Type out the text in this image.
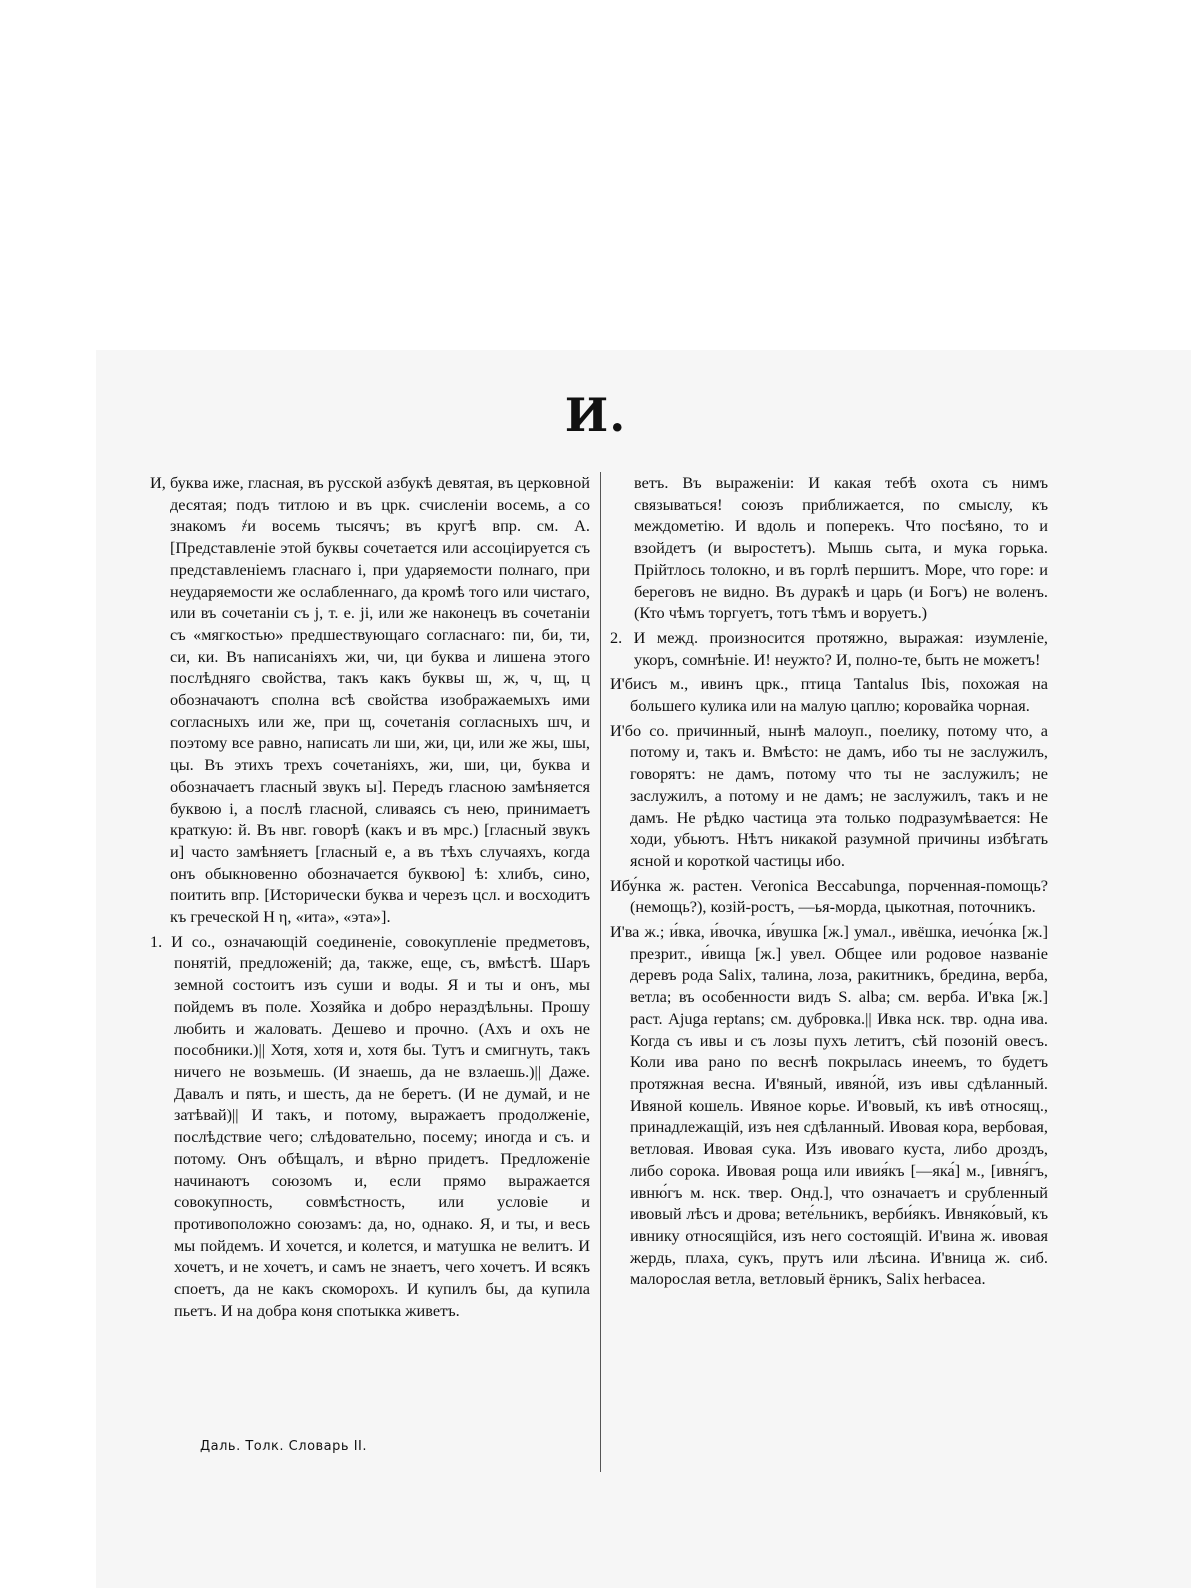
И.

И, буква иже, гласная, въ русской азбукѣ девятая, въ церковной десятая; подъ титлою и въ црк. счисленіи восемь, а со знакомъ ҂и восемь тысячъ; въ кругѣ впр. см. А. [Представленіе этой буквы сочетается или ассоціируется съ представленіемъ гласнаго і, при ударяемости полнаго, при неударяемости же ослабленнаго, да кромѣ того или чистаго, или въ сочетаніи съ j, т. е. ji, или же наконецъ въ сочетаніи съ «мягкостью» предшествующаго согласнаго: пи, би, ти, си, ки. Въ написаніяхъ жи, чи, ци буква и лишена этого послѣдняго свойства, такъ какъ буквы ш, ж, ч, щ, ц обозначаютъ сполна всѣ свойства изображаемыхъ ими согласныхъ или же, при щ, сочетанія согласныхъ шч, и поэтому все равно, написать ли ши, жи, ци, или же жы, шы, цы. Въ этихъ трехъ сочетаніяхъ, жи, ши, ци, буква и обозначаетъ гласный звукъ ы]. Передъ гласною замѣняется буквою і, а послѣ гласной, сливаясь съ нею, принимаетъ краткую: й. Въ нвг. говорѣ (какъ и въ мрс.) [гласный звукъ и] часто замѣняетъ [гласный е, а въ тѣхъ случаяхъ, когда онъ обыкновенно обозначается буквою] ѣ: хлибъ, сино, поитить впр. [Исторически буква и черезъ цсл. и восходитъ къ греческой Η η, «ита», «эта»].

1. И со., означающій соединеніе, совокупленіе предметовъ, понятій, предложеній; да, также, еще, съ, вмѣстѣ. Шаръ земной состоитъ изъ суши и воды. Я и ты и онъ, мы пойдемъ въ поле. Хозяйка и добро нераздѣльны. Прошу любить и жаловать. Дешево и прочно. (Ахъ и охъ не пособники.)|| Хотя, хотя и, хотя бы. Тутъ и смигнуть, такъ ничего не возьмешь. (И знаешь, да не взлаешь.)|| Даже. Давалъ и пять, и шесть, да не беретъ. (И не думай, и не затѣвай)|| И такъ, и потому, выражаетъ продолженіе, послѣдствие чего; слѣдовательно, посему; иногда и съ. и потому. Онъ обѣщалъ, и вѣрно придетъ. Предложеніе начинаютъ союзомъ и, если прямо выражается совокупность, совмѣстность, или условіе и противоположно союзамъ: да, но, однако. Я, и ты, и весь мы пойдемъ. И хочется, и колется, и матушка не велитъ. И хочетъ, и не хочетъ, и самъ не знаетъ, чего хочетъ. И всякъ споетъ, да не какъ скоморохъ. И купилъ бы, да купила пьетъ. И на добра коня спотыкка живетъ.

ветъ. Въ выраженіи: И какая тебѣ охота съ нимъ связываться! союзъ приближается, по смыслу, къ междометію. И вдоль и поперекъ. Что посѣяно, то и взойдетъ (и выростетъ). Мышь сыта, и мука горька. Прійтлось толокно, и въ горлѣ першитъ. Море, что горе: и береговъ не видно. Въ дуракѣ и царь (и Богъ) не воленъ. (Кто чѣмъ торгуетъ, тотъ тѣмъ и воруетъ.)

2. И межд. произносится протяжно, выражая: изумленіе, укоръ, сомнѣніе. И! неужто? И, полно-те, быть не можетъ!

И'бисъ м., ивинъ црк., птица Tantalus Ibis, похожая на большего кулика или на малую цаплю; коровайка чорная.

И'бо со. причинный, нынѣ малоуп., поелику, потому что, а потому и, такъ и. Вмѣсто: не дамъ, ибо ты не заслужилъ, говорятъ: не дамъ, потому что ты не заслужилъ; не заслужилъ, а потому и не дамъ; не заслужилъ, такъ и не дамъ. Не рѣдко частица эта только подразумѣвается: Не ходи, убьютъ. Нѣтъ никакой разумной причины избѣгать ясной и короткой частицы ибо.

Ибу́нка ж. растен. Veronica Beccabunga, порченная-помощь? (немощь?), козій-ростъ, —ья-морда, цыкотная, поточникъ.

И'ва ж.; и́вка, и́вочка, и́вушка [ж.] умал., ивёшка, иечо́нка [ж.] презрит., и́вища [ж.] увел. Общее или родовое названіе деревъ рода Salix, талина, лоза, ракитникъ, бредина, верба, ветла; въ особенности видъ S. alba; см. верба. И'вка [ж.] раст. Ajuga reptans; см. дубровка.|| Ивка нск. твр. одна ива. Когда съ ивы и съ лозы пухъ летитъ, сѣй позоній овесъ. Коли ива рано по веснѣ покрылась инеемъ, то будетъ протяжная весна. И'вяный, ивяно́й, изъ ивы сдѣланный. Ивяной кошель. Ивяное корье. И'вовый, къ ивѣ относящ., принадлежащій, изъ нея сдѣланный. Ивовая кора, вербовая, ветловая. Ивовая сука. Изъ ивоваго куста, либо дроздъ, либо сорока. Ивовая роща или ивия́къ [—яка́] м., [ивня́гъ, ивню́гъ м. нск. твер. Онд.], что означаетъ и срубленный ивовый лѣсъ и дрова; вете́льникъ, верби́якъ. Ивняко́вый, къ ивнику относящійся, изъ него состоящій. И'вина ж. ивовая жердь, плаха, сукъ, прутъ или лѣсина. И'вница ж. сиб. малорослая ветла, ветловый ёрникъ, Salix herbacea.

Даль. Толк. Словарь II.
